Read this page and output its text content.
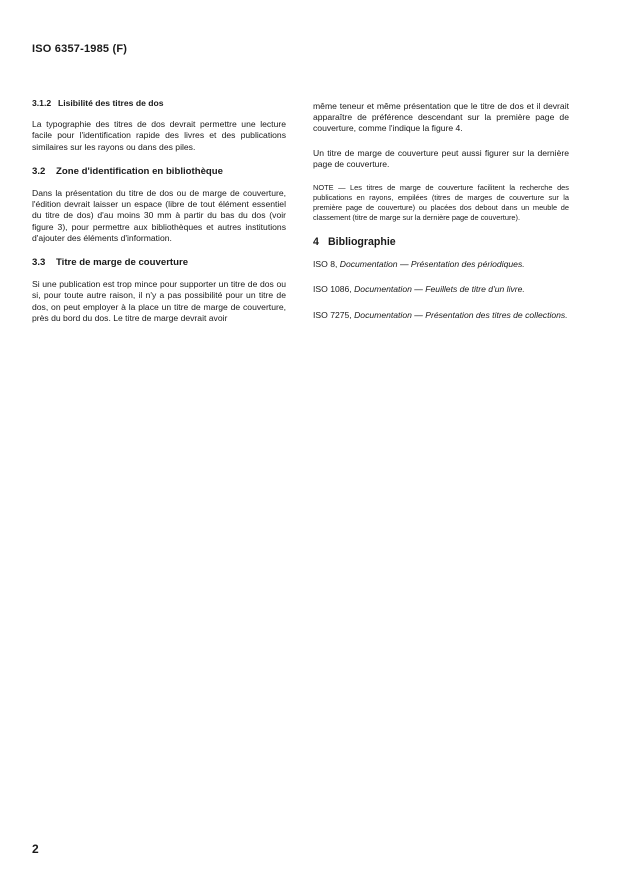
ISO 6357-1985 (F)
3.1.2 Lisibilité des titres de dos

La typographie des titres de dos devrait permettre une lecture facile pour l'identification rapide des livres et des publications similaires sur les rayons ou dans des piles.

3.2 Zone d'identification en bibliothèque

Dans la présentation du titre de dos ou de marge de couverture, l'édition devrait laisser un espace (libre de tout élément essentiel du titre de dos) d'au moins 30 mm à partir du bas du dos (voir figure 3), pour permettre aux bibliothèques et autres institutions d'ajouter des éléments d'information.

3.3 Titre de marge de couverture

Si une publication est trop mince pour supporter un titre de dos ou si, pour toute autre raison, il n'y a pas possibilité pour un titre de dos, on peut employer à la place un titre de marge de couverture, près du bord du dos. Le titre de marge devrait avoir

même teneur et même présentation que le titre de dos et il devrait apparaître de préférence descendant sur la première page de couverture, comme l'indique la figure 4.

Un titre de marge de couverture peut aussi figurer sur la dernière page de couverture.

NOTE — Les titres de marge de couverture facilitent la recherche des publications en rayons, empilées (titres de marges de couverture sur la première page de couverture) ou placées dos debout dans un meuble de classement (titre de marge sur la dernière page de couverture).
4 Bibliographie
ISO 8, Documentation — Présentation des périodiques.
ISO 1086, Documentation — Feuillets de titre d'un livre.
ISO 7275, Documentation — Présentation des titres de collections.
2
